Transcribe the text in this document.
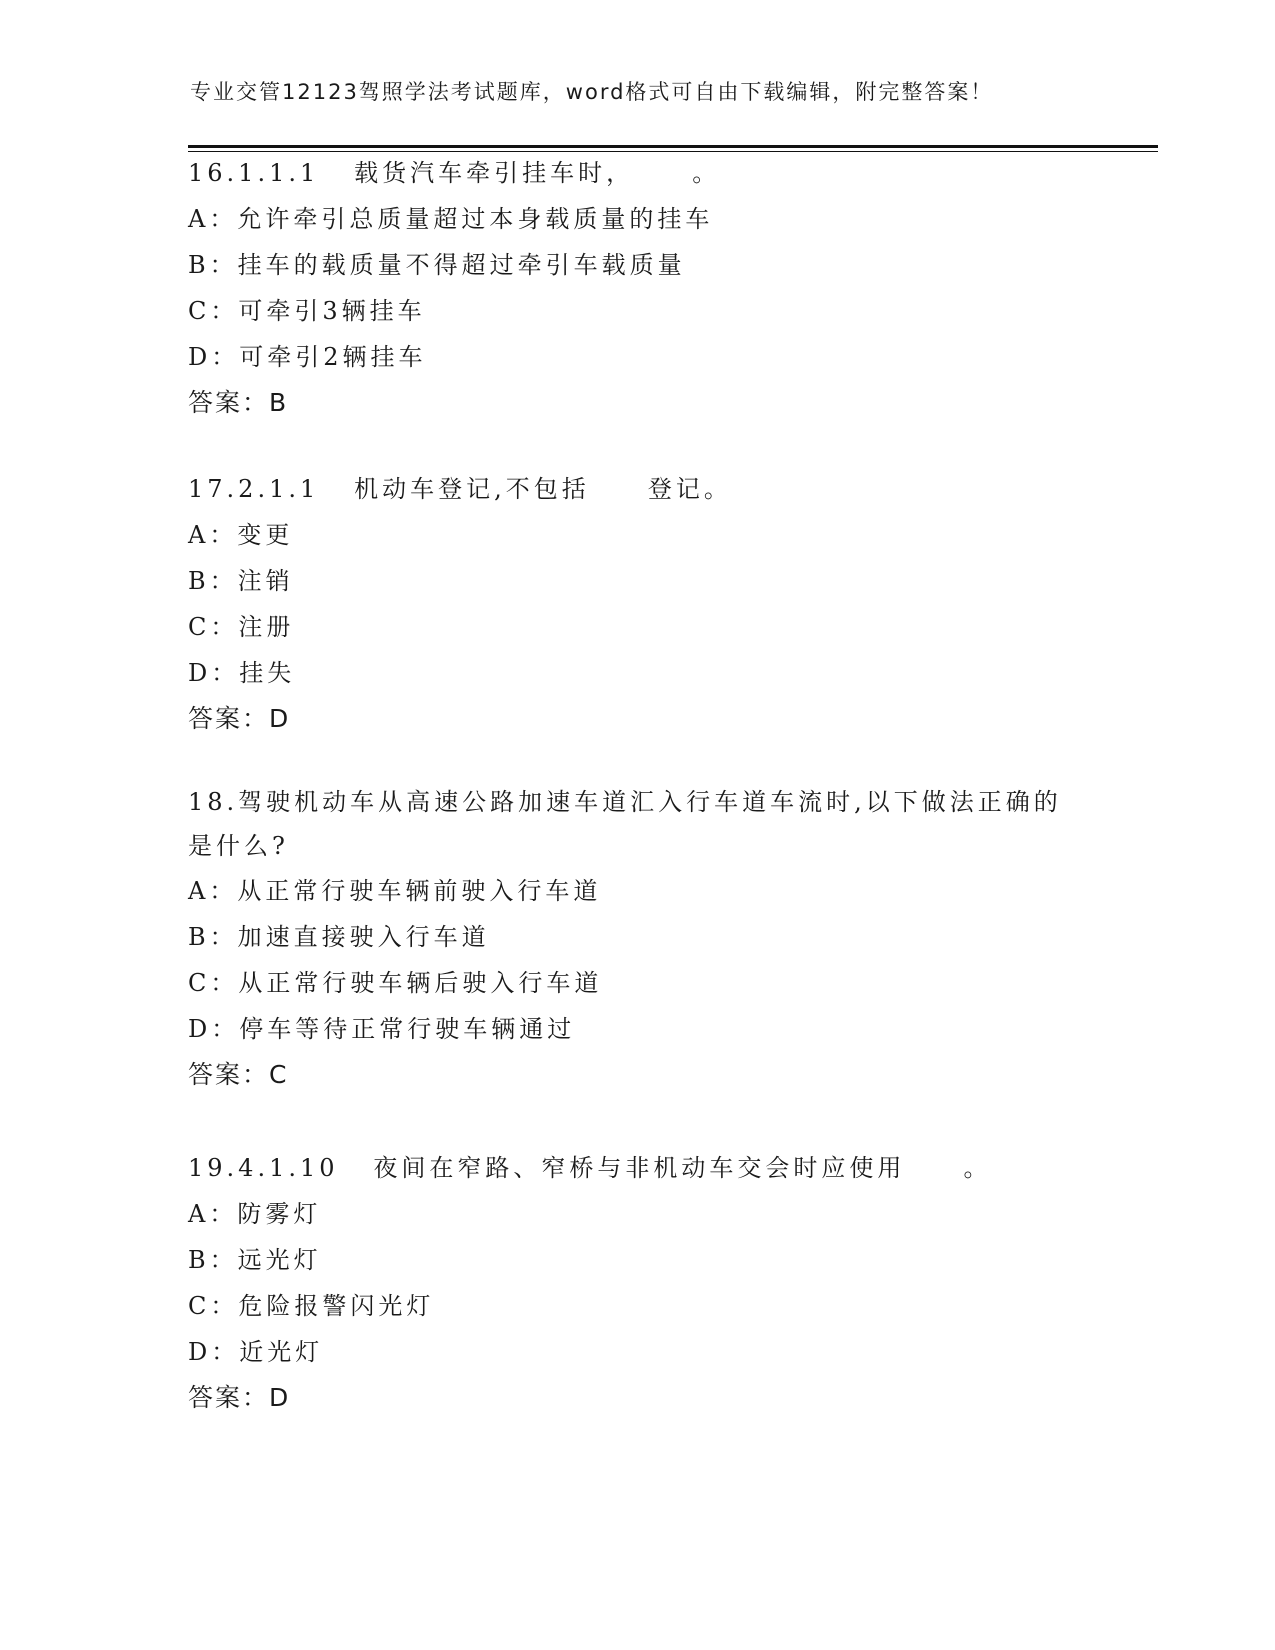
专业交管12123驾照学法考试题库，word格式可自由下载编辑，附完整答案！
16.1.1.1   载货汽车牵引挂车时，     。
A：允许牵引总质量超过本身载质量的挂车
B：挂车的载质量不得超过牵引车载质量
C：可牵引3辆挂车
D：可牵引2辆挂车
答案：B
17.2.1.1   机动车登记,不包括     登记。
A：变更
B：注销
C：注册
D：挂失
答案：D
18.驾驶机动车从高速公路加速车道汇入行车道车流时,以下做法正确的是什么?
A：从正常行驶车辆前驶入行车道
B：加速直接驶入行车道
C：从正常行驶车辆后驶入行车道
D：停车等待正常行驶车辆通过
答案：C
19.4.1.10   夜间在窄路、窄桥与非机动车交会时应使用     。
A：防雾灯
B：远光灯
C：危险报警闪光灯
D：近光灯
答案：D
